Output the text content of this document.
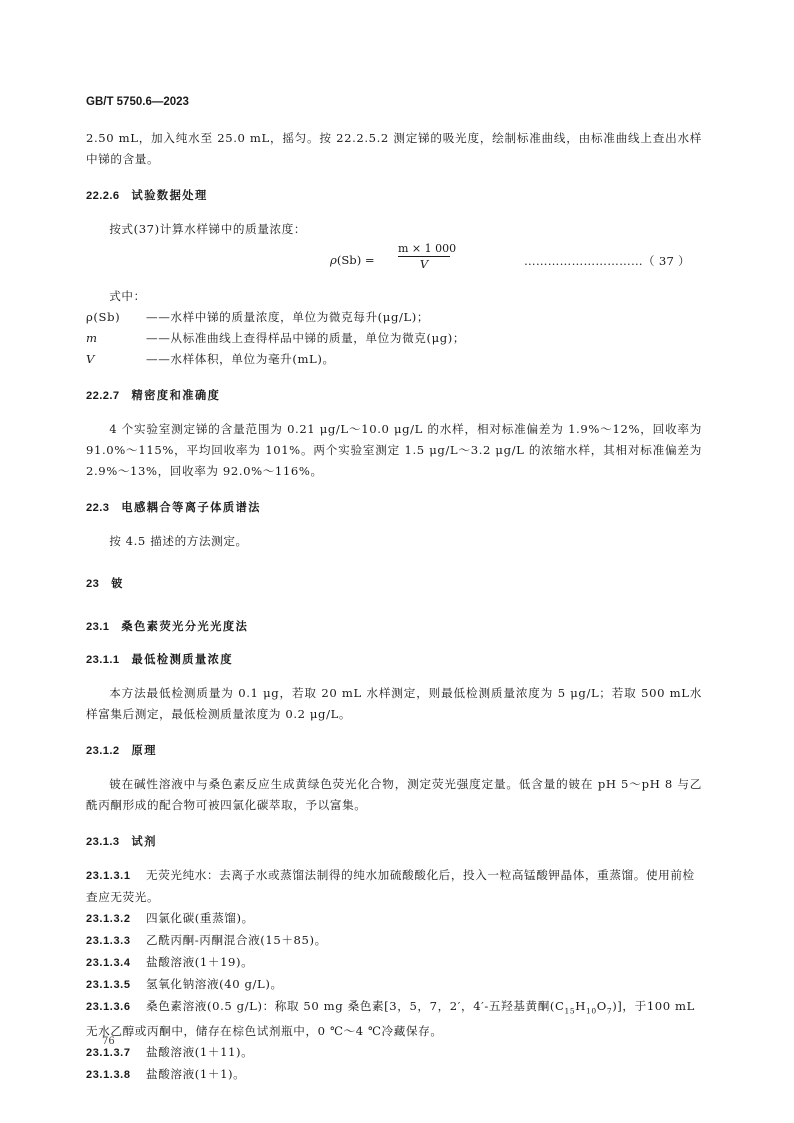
GB/T 5750.6—2023

2.50 mL，加入纯水至 25.0 mL，摇匀。按 22.2.5.2 测定锑的吸光度，绘制标准曲线，由标准曲线上查出水样中锑的含量。

22.2.6 试验数据处理

按式(37)计算水样锑中的质量浓度：

$\rho(Sb) = \frac{m \times 1 000}{V}$	…………………………（ 37 ）

式中：

ρ(Sb)	——水样中锑的质量浓度，单位为微克每升(μg/L)；

m	——从标准曲线上查得样品中锑的质量，单位为微克(μg)；

V	——水样体积，单位为毫升(mL)。

22.2.7 精密度和准确度

4 个实验室测定锑的含量范围为 0.21 μg/L～10.0 μg/L 的水样，相对标准偏差为 1.9%～12%，回收率为 91.0%～115%，平均回收率为 101%。两个实验室测定 1.5 μg/L～3.2 μg/L 的浓缩水样，其相对标准偏差为 2.9%～13%，回收率为 92.0%～116%。

22.3 电感耦合等离子体质谱法

按 4.5 描述的方法测定。

23 铍

23.1 桑色素荧光分光光度法

23.1.1 最低检测质量浓度

本方法最低检测质量为 0.1 μg，若取 20 mL 水样测定，则最低检测质量浓度为 5 μg/L；若取 500 mL水样富集后测定，最低检测质量浓度为 0.2 μg/L。

23.1.2 原理

铍在碱性溶液中与桑色素反应生成黄绿色荧光化合物，测定荧光强度定量。低含量的铍在 pH 5～pH 8 与乙酰丙酮形成的配合物可被四氯化碳萃取，予以富集。

23.1.3 试剂

23.1.3.1 无荧光纯水：去离子水或蒸馏法制得的纯水加硫酸酸化后，投入一粒高锰酸钾晶体，重蒸馏。使用前检查应无荧光。

23.1.3.2 四氯化碳(重蒸馏)。

23.1.3.3 乙酰丙酮-丙酮混合液(15＋85)。

23.1.3.4 盐酸溶液(1＋19)。

23.1.3.5 氢氧化钠溶液(40 g/L)。

23.1.3.6 桑色素溶液(0.5 g/L)：称取 50 mg 桑色素[3，5，7，2′，4′-五羟基黄酮$(C_{15}H_{10}O_7)$]，于100 mL无水乙醇或丙酮中，储存在棕色试剂瓶中，0 ℃～4 ℃冷藏保存。

23.1.3.7 盐酸溶液(1＋11)。

23.1.3.8 盐酸溶液(1＋1)。

76
